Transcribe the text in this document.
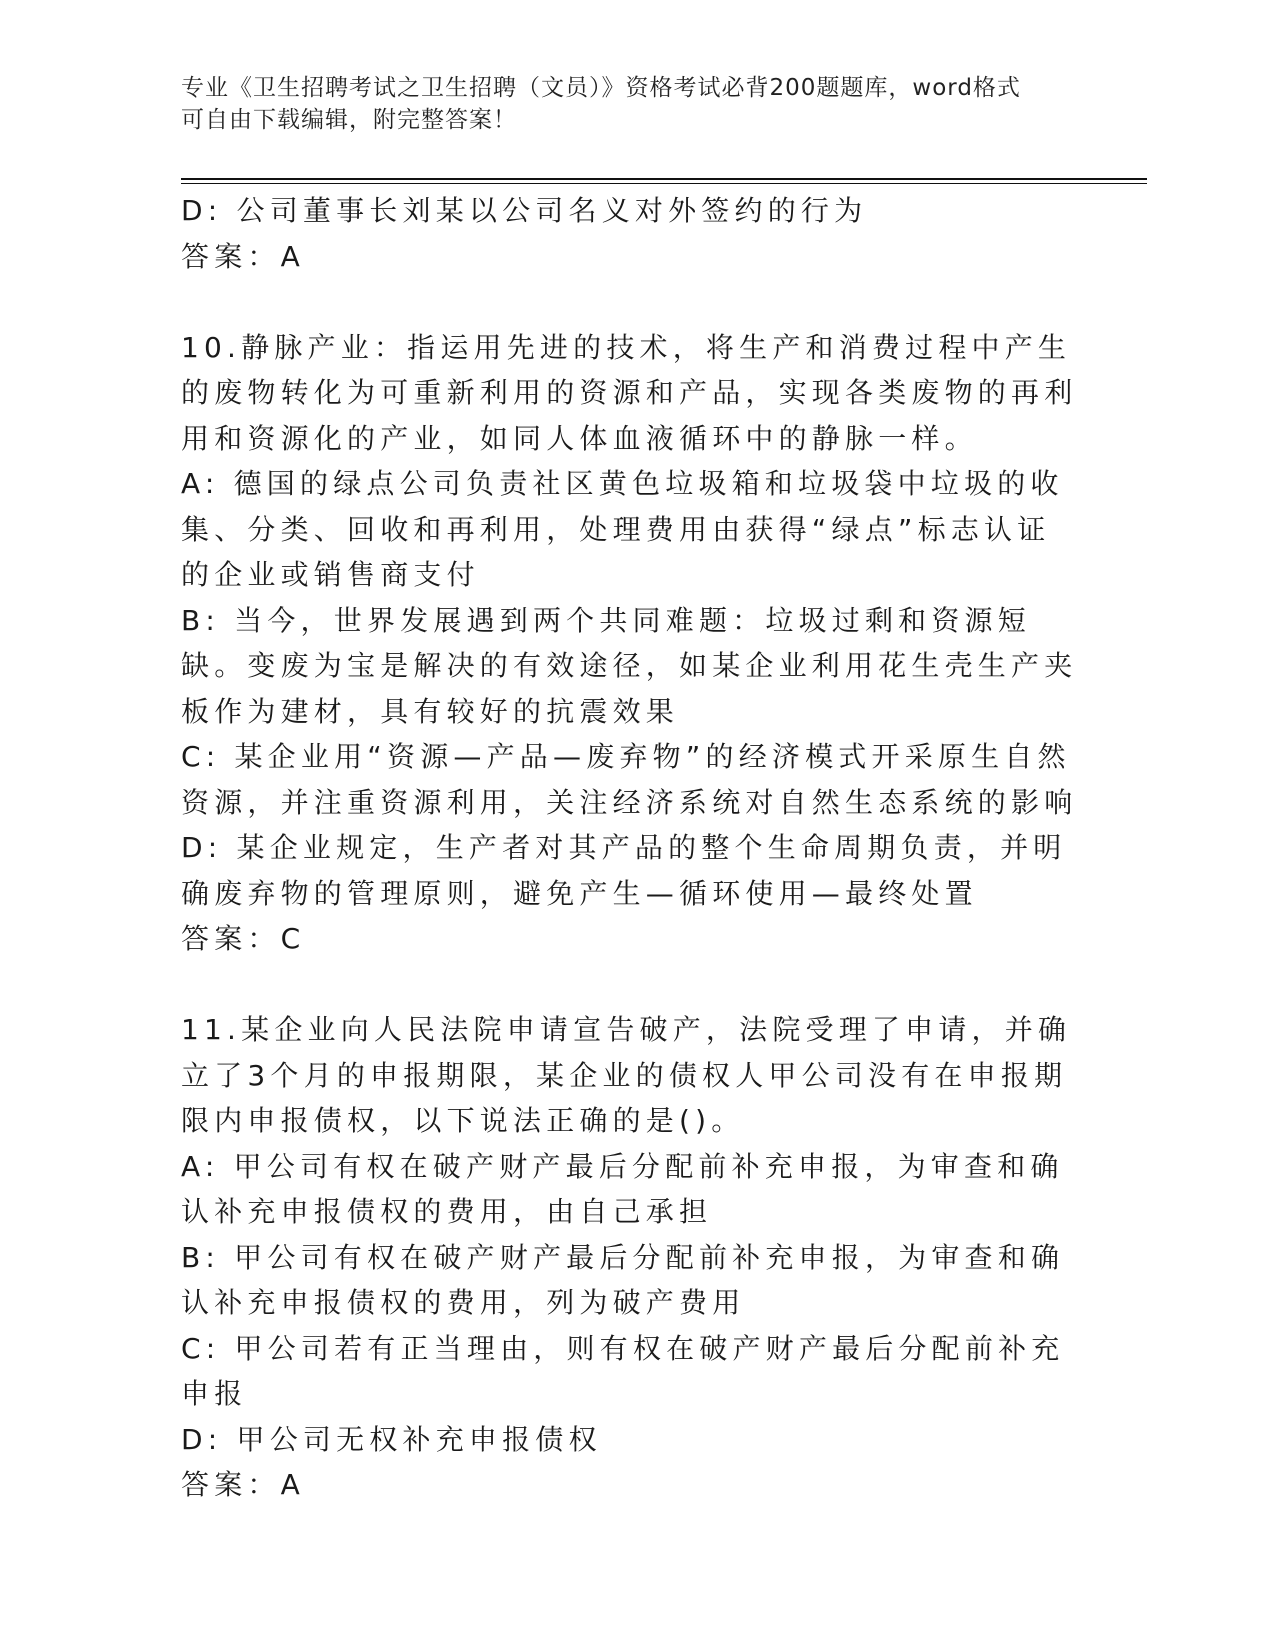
专业《卫生招聘考试之卫生招聘（文员）》资格考试必背200题题库，word格式
可自由下载编辑，附完整答案！

D: 公司董事长刘某以公司名义对外签约的行为

答案：A

10.静脉产业：指运用先进的技术，将生产和消费过程中产生的废物转化为可重新利用的资源和产品，实现各类废物的再利用和资源化的产业，如同人体血液循环中的静脉一样。

A: 德国的绿点公司负责社区黄色垃圾箱和垃圾袋中垃圾的收集、分类、回收和再利用，处理费用由获得“绿点”标志认证的企业或销售商支付

B: 当今，世界发展遇到两个共同难题：垃圾过剩和资源短缺。变废为宝是解决的有效途径，如某企业利用花生壳生产夹板作为建材，具有较好的抗震效果

C: 某企业用“资源—产品—废弃物”的经济模式开采原生自然资源，并注重资源利用，关注经济系统对自然生态系统的影响

D: 某企业规定，生产者对其产品的整个生命周期负责，并明确废弃物的管理原则，避免产生—循环使用—最终处置

答案：C

11.某企业向人民法院申请宣告破产，法院受理了申请，并确立了3个月的申报期限，某企业的债权人甲公司没有在申报期限内申报债权，以下说法正确的是()。

A: 甲公司有权在破产财产最后分配前补充申报，为审查和确认补充申报债权的费用，由自己承担

B: 甲公司有权在破产财产最后分配前补充申报，为审查和确认补充申报债权的费用，列为破产费用

C: 甲公司若有正当理由，则有权在破产财产最后分配前补充申报

D: 甲公司无权补充申报债权

答案：A
